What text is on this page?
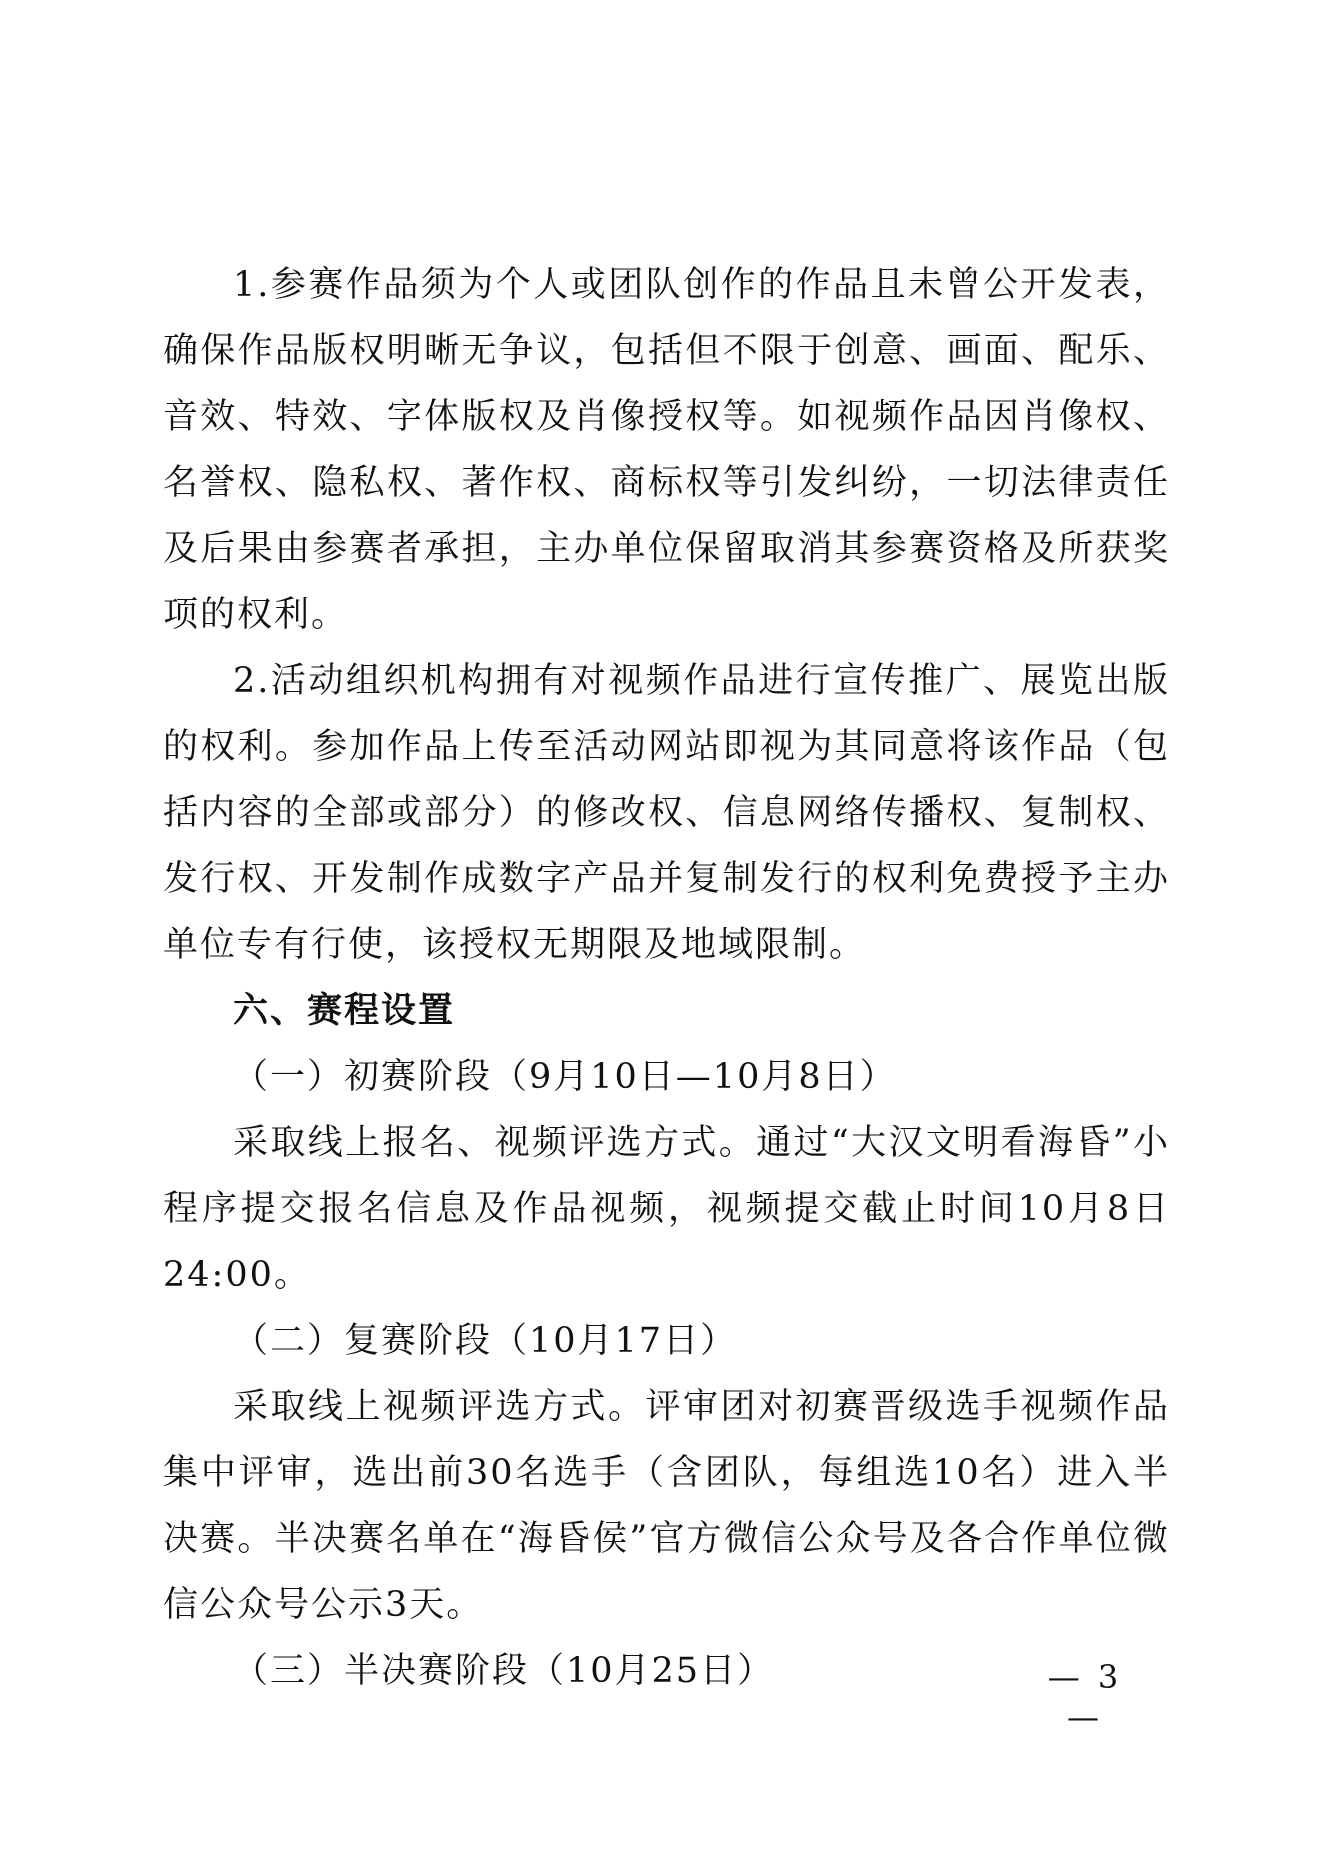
1.参赛作品须为个人或团队创作的作品且未曾公开发表，确保作品版权明晰无争议，包括但不限于创意、画面、配乐、音效、特效、字体版权及肖像授权等。如视频作品因肖像权、名誉权、隐私权、著作权、商标权等引发纠纷，一切法律责任及后果由参赛者承担，主办单位保留取消其参赛资格及所获奖项的权利。

2.活动组织机构拥有对视频作品进行宣传推广、展览出版的权利。参加作品上传至活动网站即视为其同意将该作品（包括内容的全部或部分）的修改权、信息网络传播权、复制权、发行权、开发制作成数字产品并复制发行的权利免费授予主办单位专有行使，该授权无期限及地域限制。

六、赛程设置

（一）初赛阶段（9月10日—10月8日）

采取线上报名、视频评选方式。通过“大汉文明看海昏”小程序提交报名信息及作品视频，视频提交截止时间10月8日24:00。

（二）复赛阶段（10月17日）

采取线上视频评选方式。评审团对初赛晋级选手视频作品集中评审，选出前30名选手（含团队，每组选10名）进入半决赛。半决赛名单在“海昏侯”官方微信公众号及各合作单位微信公众号公示3天。

（三）半决赛阶段（10月25日）	— 3 —
